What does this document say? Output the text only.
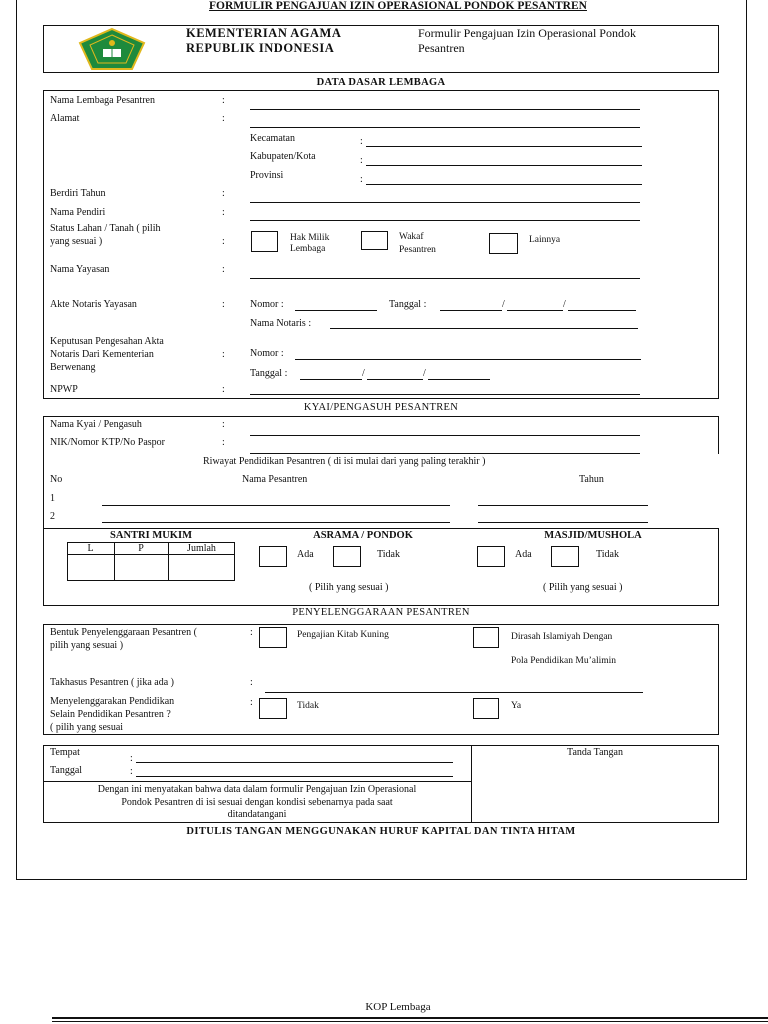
FORMULIR PENGAJUAN IZIN OPERASIONAL PONDOK PESANTREN
KEMENTERIAN AGAMA
REPUBLIK INDONESIA
Formulir Pengajuan Izin Operasional Pondok
Pesantren
DATA DASAR LEMBAGA
Nama Lembaga Pesantren	:
Alamat	:
Kecamatan	:
Kabupaten/Kota	:
Provinsi	:
Berdiri Tahun	:
Nama Pendiri	:
Status Lahan / Tanah ( pilih
yang sesuai )	:	Hak Milik
Lembaga
Wakaf
Pesantren
Lainnya
Nama Yayasan	:
Akte Notaris Yayasan	:	Nomor :	Tanggal :	/	/
Nama Notaris :
Keputusan Pengesahan Akta
Notaris Dari Kementerian
Berwenang
:	Nomor :
Tanggal :	/	/
NPWP	:
KYAI/PENGASUH PESANTREN
Nama Kyai / Pengasuh	:
NIK/Nomor KTP/No Paspor	:
Riwayat Pendidikan Pesantren ( di isi mulai dari yang paling terakhir )
No	Nama Pesantren	Tahun
1
2
SANTRI MUKIM	ASRAMA / PONDOK	MASJID/MUSHOLA
L	P	Jumlah
Ada	Tidak
( Pilih yang sesuai )
Ada	Tidak
( Pilih yang sesuai )
PENYELENGGARAAN PESANTREN
Bentuk Penyelenggaraan Pesantren (
pilih yang sesuai )
:	Pengajian Kitab Kuning	Dirasah Islamiyah Dengan
Pola Pendidikan Mu’alimin
Takhasus Pesantren ( jika ada )	:
Menyelenggarakan Pendidikan
Selain Pendidikan Pesantren ?
( pilih yang sesuai
:	Tidak	Ya
Tempat
:
Tanggal	:
Dengan ini menyatakan bahwa data dalam formulir Pengajuan Izin Operasional
Pondok Pesantren di isi sesuai dengan kondisi sebenarnya pada saat
ditandatangani
Tanda Tangan
DITULIS TANGAN MENGGUNAKAN HURUF KAPITAL DAN TINTA HITAM
KOP Lembaga
